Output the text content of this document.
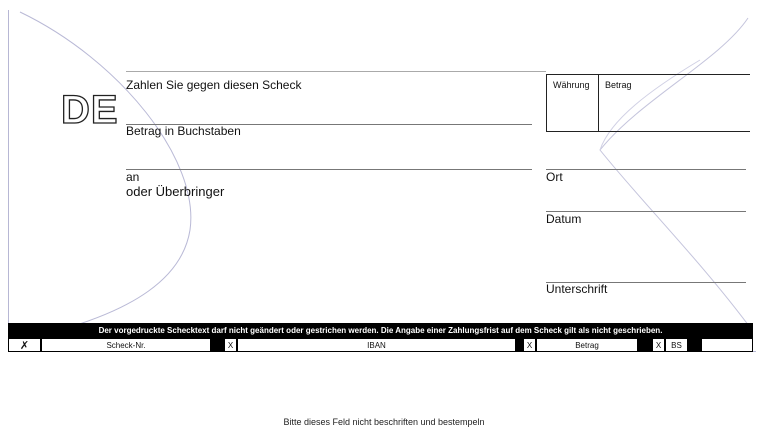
DE
Zahlen Sie gegen diesen Scheck
Betrag in Buchstaben
an
oder Überbringer
Währung Betrag
Ort
Datum
Unterschrift
Der vorgedruckte Schecktext darf nicht geändert oder gestrichen werden. Die Angabe einer Zahlungsfrist auf dem Scheck gilt als nicht geschrieben.
✗	Scheck-Nr.	X	IBAN	X	Betrag	X	BS
Bitte dieses Feld nicht beschriften und bestempeln
